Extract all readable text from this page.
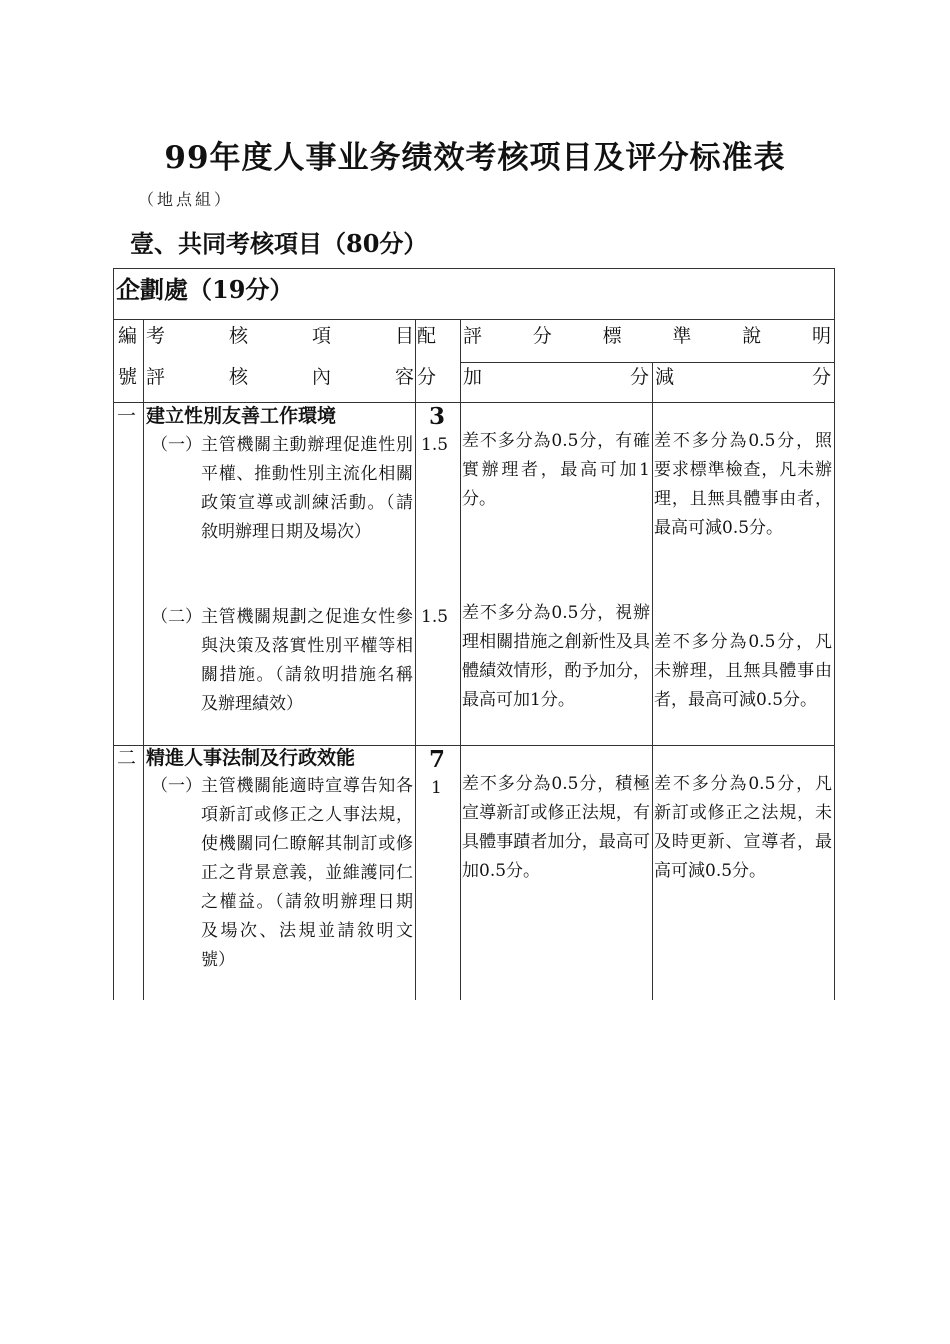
99年度人事业务绩效考核项目及评分标准表
（地点組）
壹、共同考核項目（80分）
企劃處（19分）
編
號
考核項目
評核內容
配
分
評分標準說明
加分 減分
一 建立性別友善工作環境	3
（一） 主管機關主動辦理促進性別平權、推動性別主流化相關政策宣導或訓練活動。（請敘明辦理日期及場次）
1.5 差不多分為0.5分，有確實辦理者，最高可加1分。
差不多分為0.5分，照要求標準檢查，凡未辦理，且無具體事由者，最高可減0.5分。
（二） 主管機關規劃之促進女性參與決策及落實性別平權等相關措施。（請敘明措施名稱及辦理績效）
1.5 差不多分為0.5分，視辦理相關措施之創新性及具體績效情形，酌予加分，最高可加1分。
差不多分為0.5分，凡未辦理，且無具體事由者，最高可減0.5分。
二 精進人事法制及行政效能	7
（一） 主管機關能適時宣導告知各項新訂或修正之人事法規，使機關同仁瞭解其制訂或修正之背景意義，並維護同仁之權益。（請敘明辦理日期及場次、法規並請敘明文號）
1 差不多分為0.5分，積極宣導新訂或修正法規，有具體事蹟者加分，最高可加0.5分。
差不多分為0.5分，凡新訂或修正之法規，未及時更新、宣導者，最高可減0.5分。
